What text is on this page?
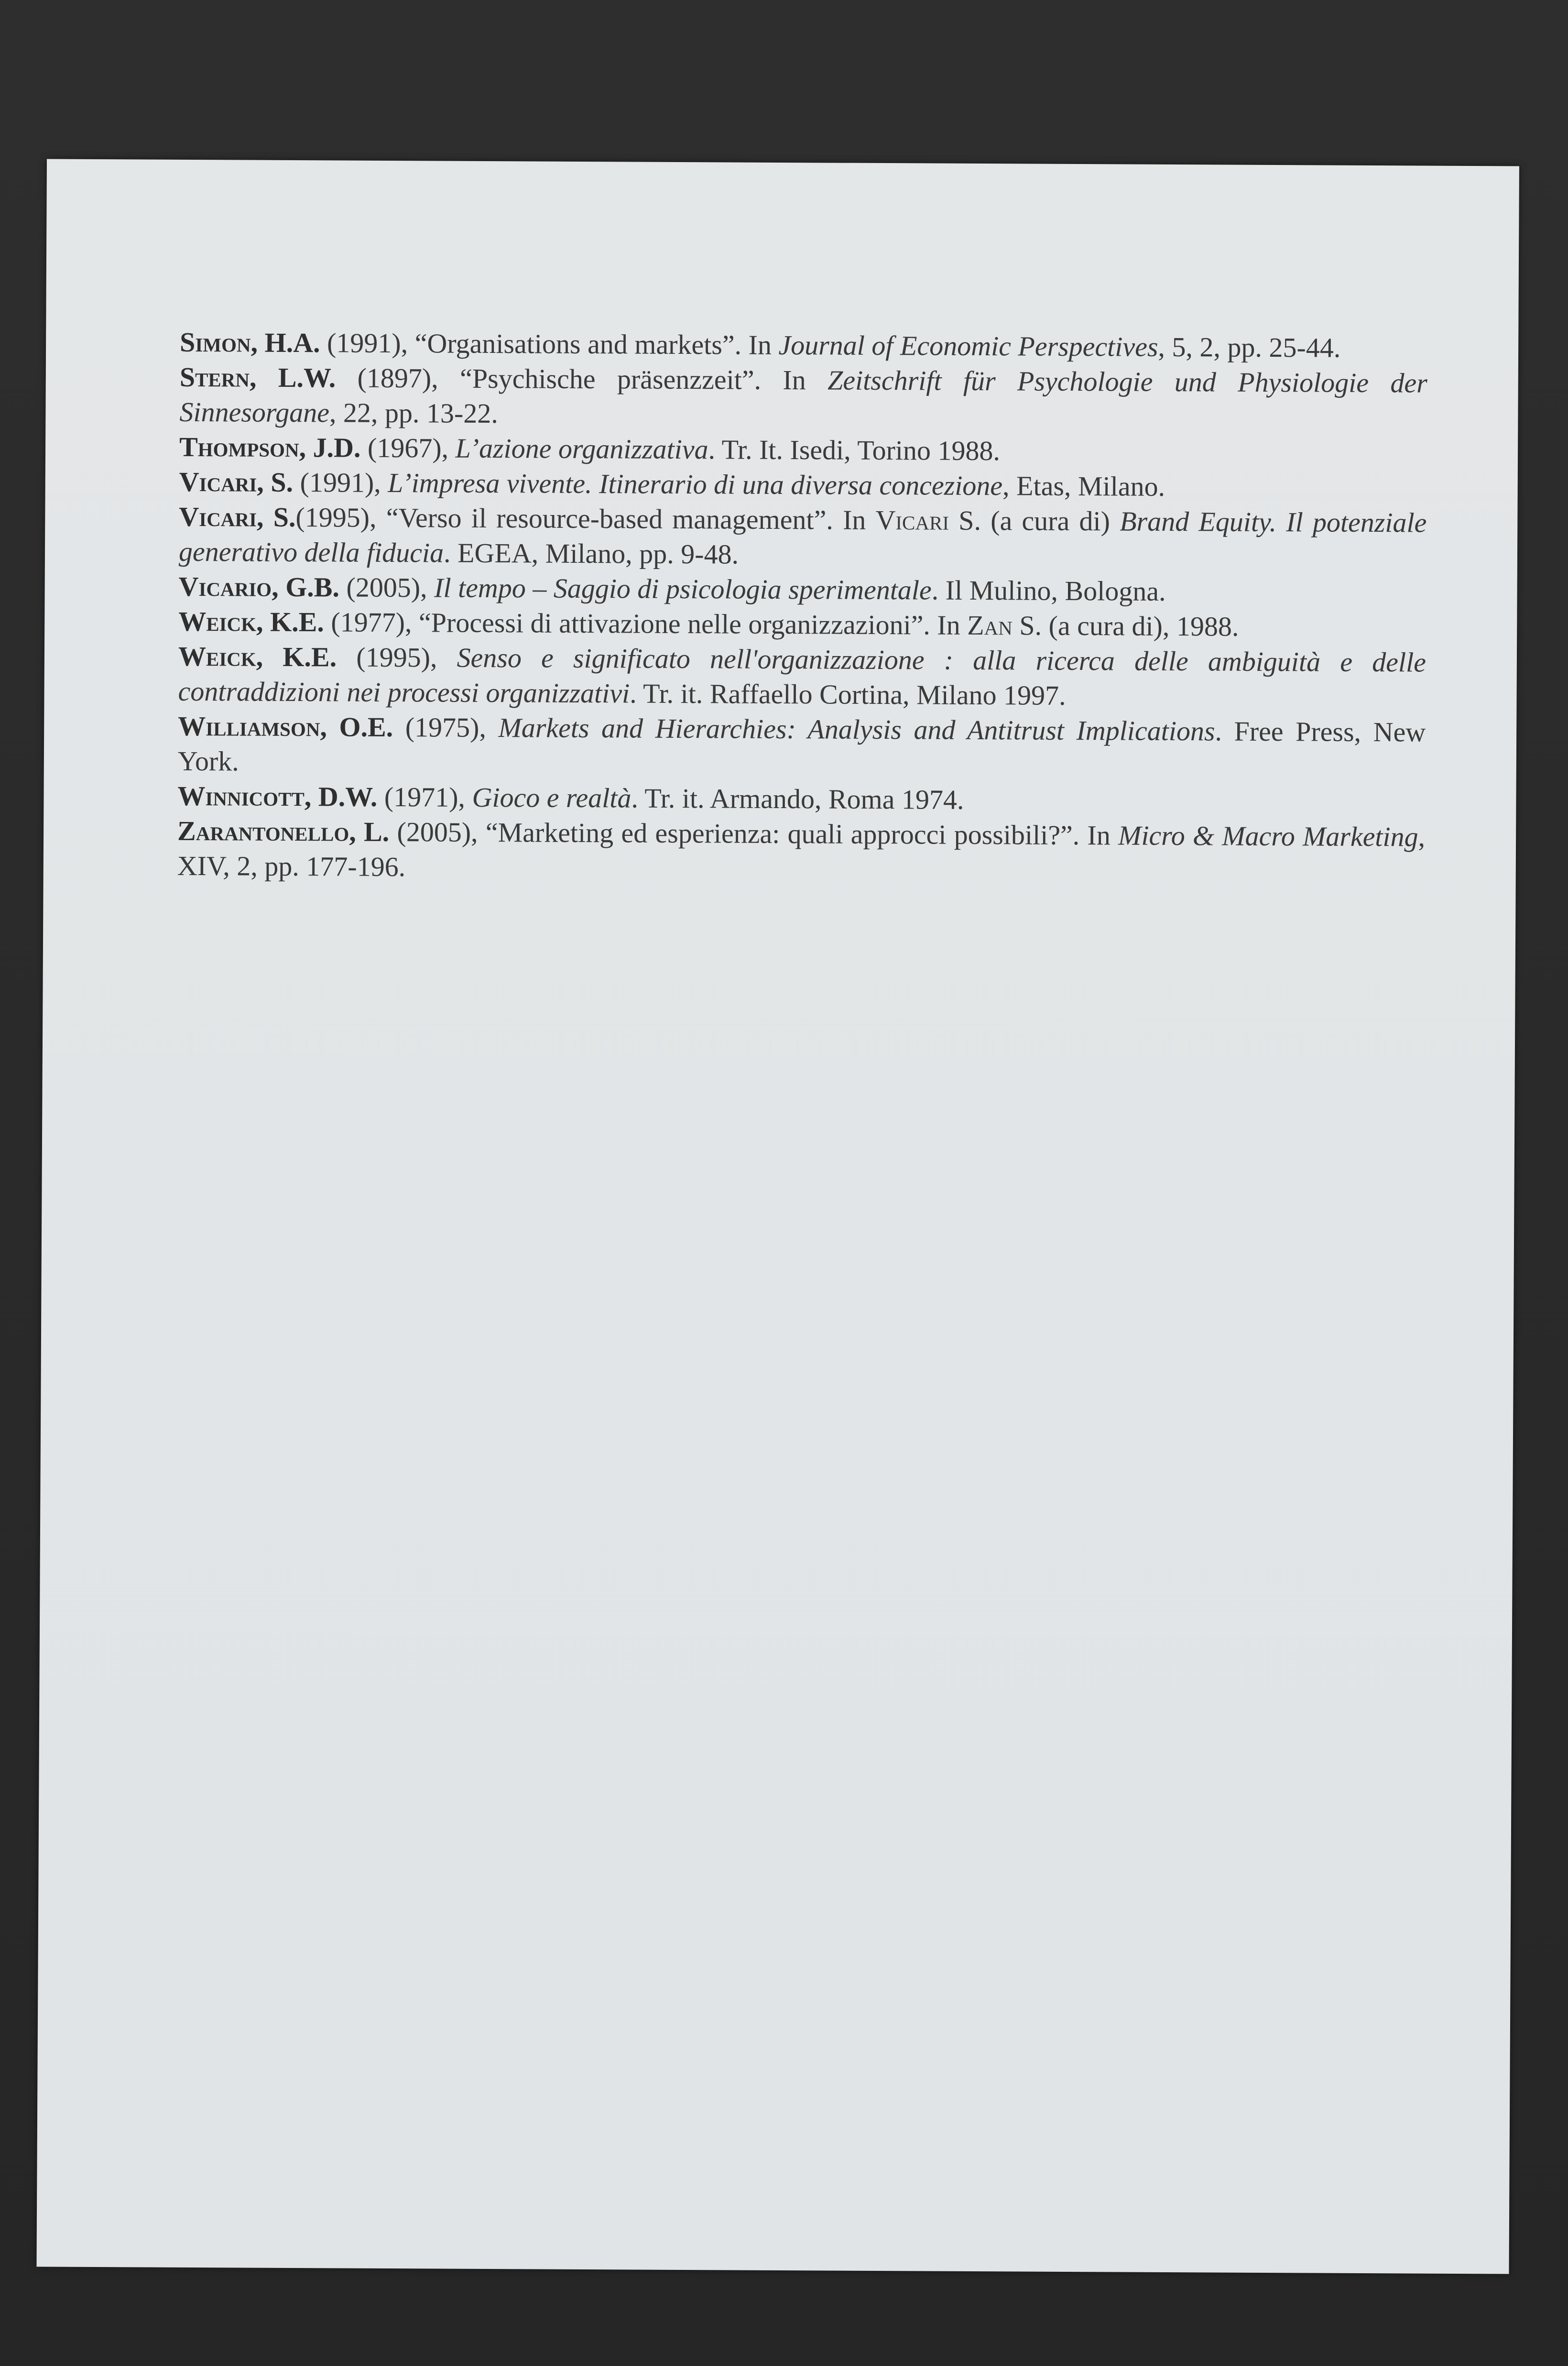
Simon, H.A. (1991), “Organisations and markets”. In Journal of Economic Perspectives, 5, 2, pp. 25-44.

Stern, L.W. (1897), “Psychische präsenzzeit”. In Zeitschrift für Psychologie und Physiologie der Sinnesorgane, 22, pp. 13-22.

Thompson, J.D. (1967), L’azione organizzativa. Tr. It. Isedi, Torino 1988.

Vicari, S. (1991), L’impresa vivente. Itinerario di una diversa concezione, Etas, Milano.

Vicari, S.(1995), “Verso il resource-based management”. In Vicari S. (a cura di) Brand Equity. Il potenziale generativo della fiducia. EGEA, Milano, pp. 9-48.

Vicario, G.B. (2005), Il tempo – Saggio di psicologia sperimentale. Il Mulino, Bologna.

Weick, K.E. (1977), “Processi di attivazione nelle organizzazioni”. In Zan S. (a cura di), 1988.

Weick, K.E. (1995), Senso e significato nell'organizzazione : alla ricerca delle ambiguità e delle contraddizioni nei processi organizzativi. Tr. it. Raffaello Cortina, Milano 1997.

Williamson, O.E. (1975), Markets and Hierarchies: Analysis and Antitrust Implications. Free Press, New York.

Winnicott, D.W. (1971), Gioco e realtà. Tr. it. Armando, Roma 1974.

Zarantonello, L. (2005), “Marketing ed esperienza: quali approcci possibili?”. In Micro & Macro Marketing, XIV, 2, pp. 177-196.
